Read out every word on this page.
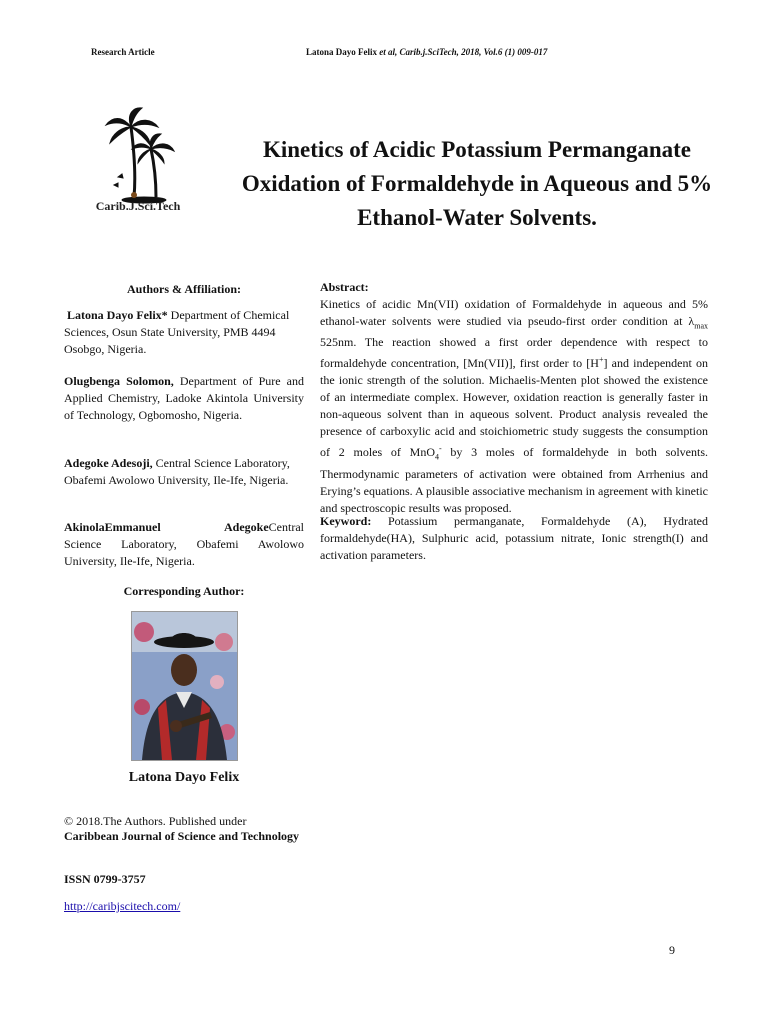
Research Article	Latona Dayo Felix et al, Carib.j.SciTech, 2018, Vol.6 (1) 009-017
Carib.J.Sci.Tech
Kinetics of Acidic Potassium Permanganate Oxidation of Formaldehyde in Aqueous and 5% Ethanol-Water Solvents.
Authors & Affiliation:
Latona Dayo Felix* Department of Chemical Sciences, Osun State University, PMB 4494 Osobgo, Nigeria.
Olugbenga Solomon, Department of Pure and Applied Chemistry, Ladoke Akintola University of Technology, Ogbomosho, Nigeria.
Adegoke Adesoji, Central Science Laboratory, Obafemi Awolowo University, Ile-Ife, Nigeria.
AkinolaEmmanuel          AdegokeCentral Science Laboratory, Obafemi Awolowo University, Ile-Ife, Nigeria.
Corresponding Author:
Latona Dayo Felix
© 2018.The Authors. Published under
Caribbean Journal of Science and Technology
ISSN 0799-3757
http://caribjscitech.com/
Abstract:
Kinetics of acidic Mn(VII) oxidation of Formaldehyde in aqueous and 5% ethanol-water solvents were studied via pseudo-first order condition at $\lambda_{max}$ 525nm. The reaction showed a first order dependence with respect to formaldehyde concentration, [Mn(VII)], first order to [H+] and independent on the ionic strength of the solution. Michaelis-Menten plot showed the existence of an intermediate complex. However, oxidation reaction is generally faster in non-aqueous solvent than in aqueous solvent. Product analysis revealed the presence of carboxylic acid and stoichiometric study suggests the consumption of 2 moles of MnO$_4$- by 3 moles of formaldehyde in both solvents. Thermodynamic parameters of activation were obtained from Arrhenius and Erying’s equations. A plausible associative mechanism in agreement with kinetic and spectroscopic results was proposed.
Keyword: Potassium permanganate, Formaldehyde (A), Hydrated formaldehyde(HA), Sulphuric acid, potassium nitrate, Ionic strength(I) and activation parameters.
9
